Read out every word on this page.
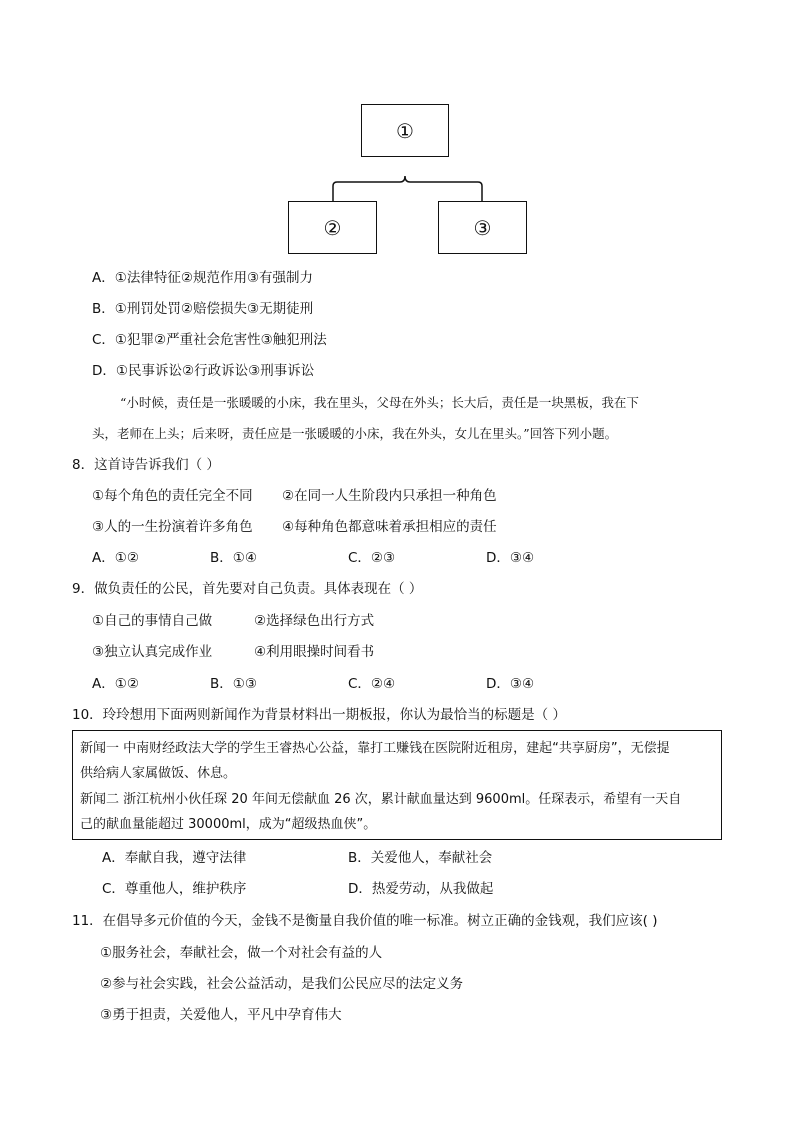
①
②	③
A．①法律特征②规范作用③有强制力
B．①刑罚处罚②赔偿损失③无期徒刑
C．①犯罪②严重社会危害性③触犯刑法
D．①民事诉讼②行政诉讼③刑事诉讼
“小时候，责任是一张暖暖的小床，我在里头，父母在外头；长大后，责任是一块黑板，我在下
头，老师在上头；后来呀，责任应是一张暖暖的小床，我在外头，女儿在里头。”回答下列小题。
8．这首诗告诉我们（ ）
①每个角色的责任完全不同 ②在同一人生阶段内只承担一种角色
③人的一生扮演着许多角色 ④每种角色都意味着承担相应的责任
A．①②	B．①④	C．②③	D．③④
9．做负责任的公民，首先要对自己负责。具体表现在（ ）
①自己的事情自己做	②选择绿色出行方式
③独立认真完成作业	④利用眼操时间看书
A．①②	B．①③	C．②④	D．③④
10．玲玲想用下面两则新闻作为背景材料出一期板报，你认为最恰当的标题是（ ）
新闻一 中南财经政法大学的学生王睿热心公益，靠打工赚钱在医院附近租房，建起“共享厨房”，无偿提
供给病人家属做饭、休息。
新闻二 浙江杭州小伙任琛 20 年间无偿献血 26 次，累计献血量达到 9600ml。任琛表示，希望有一天自
己的献血量能超过 30000ml，成为“超级热血侠”。
A．奉献自我，遵守法律	B．关爱他人，奉献社会
C．尊重他人，维护秩序	D．热爱劳动，从我做起
11．在倡导多元价值的今天，金钱不是衡量自我价值的唯一标准。树立正确的金钱观，我们应该( )
①服务社会，奉献社会，做一个对社会有益的人
②参与社会实践，社会公益活动，是我们公民应尽的法定义务
③勇于担责，关爱他人，平凡中孕育伟大
